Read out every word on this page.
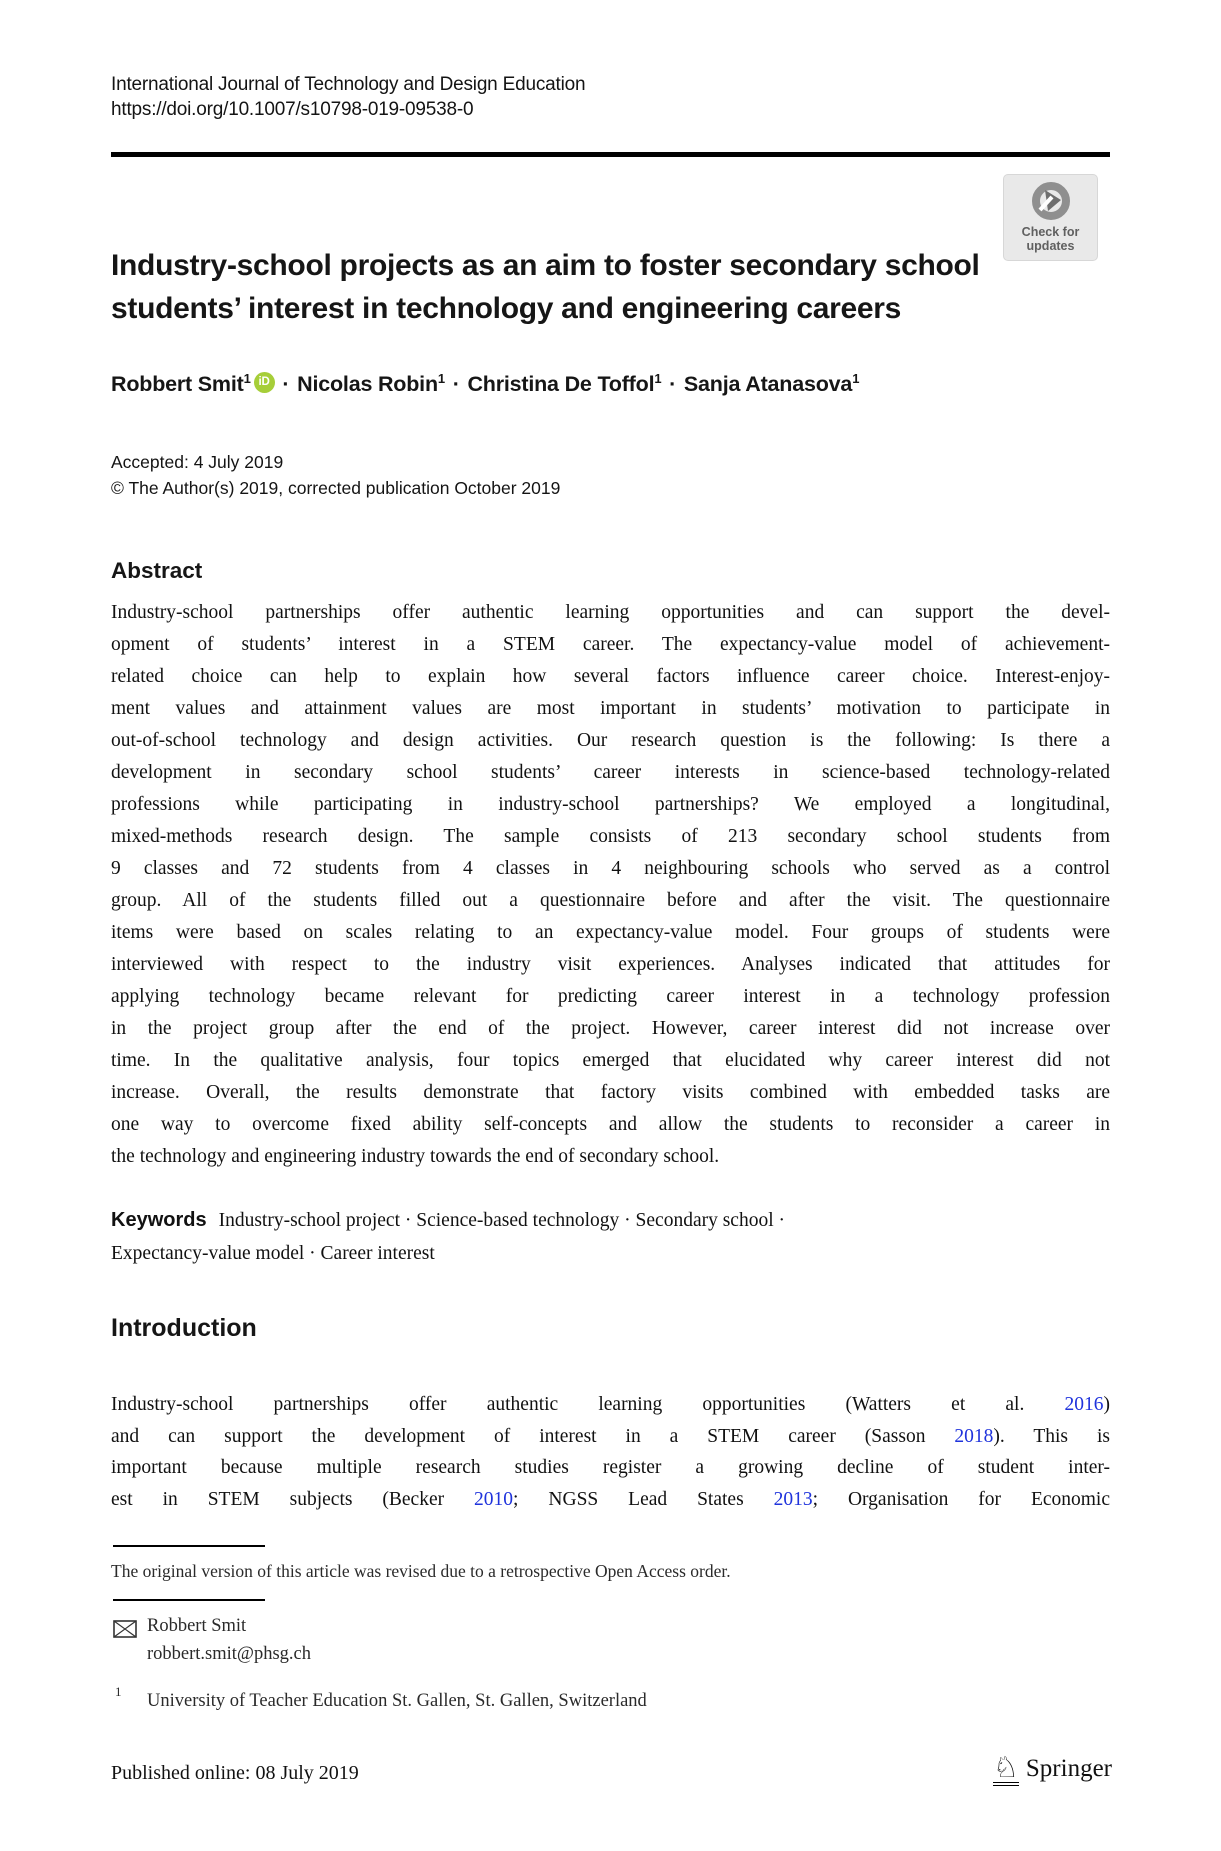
International Journal of Technology and Design Education
https://doi.org/10.1007/s10798-019-09538-0
Check for
updates
Industry-school projects as an aim to foster secondary school
students’ interest in technology and engineering careers
Robbert Smit$^1$ iD · Nicolas Robin$^1$ · Christina De Toffol$^1$ · Sanja Atanasova$^1$
Accepted: 4 July 2019
© The Author(s) 2019, corrected publication October 2019
Abstract
Industry-school partnerships offer authentic learning opportunities and can support the devel-
opment of students’ interest in a STEM career. The expectancy-value model of achievement-
related choice can help to explain how several factors influence career choice. Interest-enjoy-
ment values and attainment values are most important in students’ motivation to participate in
out-of-school technology and design activities. Our research question is the following: Is there a
development in secondary school students’ career interests in science-based technology-related
professions while participating in industry-school partnerships? We employed a longitudinal,
mixed-methods research design. The sample consists of 213 secondary school students from
9 classes and 72 students from 4 classes in 4 neighbouring schools who served as a control
group. All of the students filled out a questionnaire before and after the visit. The questionnaire
items were based on scales relating to an expectancy-value model. Four groups of students were
interviewed with respect to the industry visit experiences. Analyses indicated that attitudes for
applying technology became relevant for predicting career interest in a technology profession
in the project group after the end of the project. However, career interest did not increase over
time. In the qualitative analysis, four topics emerged that elucidated why career interest did not
increase. Overall, the results demonstrate that factory visits combined with embedded tasks are
one way to overcome fixed ability self-concepts and allow the students to reconsider a career in
the technology and engineering industry towards the end of secondary school.
Keywords Industry-school project · Science-based technology · Secondary school ·
Expectancy-value model · Career interest
Introduction
Industry-school partnerships offer authentic learning opportunities (Watters et al. 2016)
and can support the development of interest in a STEM career (Sasson 2018). This is
important because multiple research studies register a growing decline of student inter-
est in STEM subjects (Becker 2010; NGSS Lead States 2013; Organisation for Economic
The original version of this article was revised due to a retrospective Open Access order.
Robbert Smit
robbert.smit@phsg.ch
1 University of Teacher Education St. Gallen, St. Gallen, Switzerland
Published online: 08 July 2019	♘ Springer
